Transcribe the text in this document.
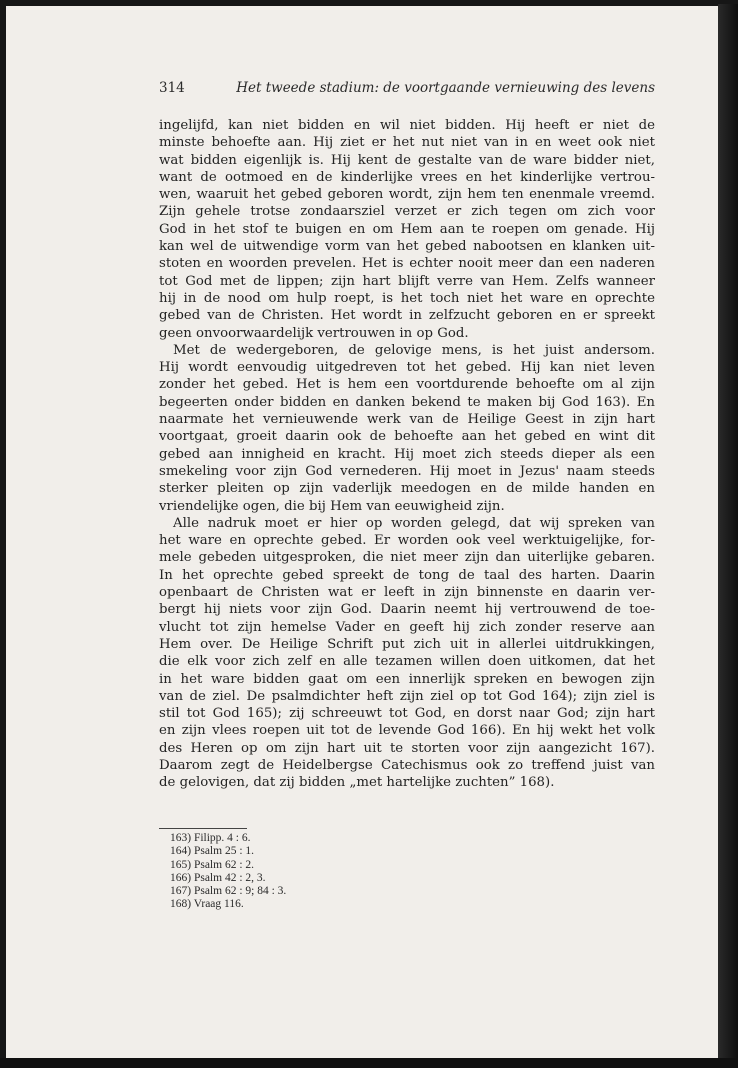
314	Het tweede stadium: de voortgaande vernieuwing des levens
ingelijfd, kan niet bidden en wil niet bidden. Hij heeft er niet de
minste behoefte aan. Hij ziet er het nut niet van in en weet ook niet
wat bidden eigenlijk is. Hij kent de gestalte van de ware bidder niet,
want de ootmoed en de kinderlijke vrees en het kinderlijke vertrou-
wen, waaruit het gebed geboren wordt, zijn hem ten enenmale vreemd.
Zijn gehele trotse zondaarsziel verzet er zich tegen om zich voor
God in het stof te buigen en om Hem aan te roepen om genade. Hij
kan wel de uitwendige vorm van het gebed nabootsen en klanken uit-
stoten en woorden prevelen. Het is echter nooit meer dan een naderen
tot God met de lippen; zijn hart blijft verre van Hem. Zelfs wanneer
hij in de nood om hulp roept, is het toch niet het ware en oprechte
gebed van de Christen. Het wordt in zelfzucht geboren en er spreekt
geen onvoorwaardelijk vertrouwen in op God.
Met de wedergeboren, de gelovige mens, is het juist andersom.
Hij wordt eenvoudig uitgedreven tot het gebed. Hij kan niet leven
zonder het gebed. Het is hem een voortdurende behoefte om al zijn
begeerten onder bidden en danken bekend te maken bij God 163). En
naarmate het vernieuwende werk van de Heilige Geest in zijn hart
voortgaat, groeit daarin ook de behoefte aan het gebed en wint dit
gebed aan innigheid en kracht. Hij moet zich steeds dieper als een
smekeling voor zijn God vernederen. Hij moet in Jezus' naam steeds
sterker pleiten op zijn vaderlijk meedogen en de milde handen en
vriendelijke ogen, die bij Hem van eeuwigheid zijn.
Alle nadruk moet er hier op worden gelegd, dat wij spreken van
het ware en oprechte gebed. Er worden ook veel werktuigelijke, for-
mele gebeden uitgesproken, die niet meer zijn dan uiterlijke gebaren.
In het oprechte gebed spreekt de tong de taal des harten. Daarin
openbaart de Christen wat er leeft in zijn binnenste en daarin ver-
bergt hij niets voor zijn God. Daarin neemt hij vertrouwend de toe-
vlucht tot zijn hemelse Vader en geeft hij zich zonder reserve aan
Hem over. De Heilige Schrift put zich uit in allerlei uitdrukkingen,
die elk voor zich zelf en alle tezamen willen doen uitkomen, dat het
in het ware bidden gaat om een innerlijk spreken en bewogen zijn
van de ziel. De psalmdichter heft zijn ziel op tot God 164); zijn ziel is
stil tot God 165); zij schreeuwt tot God, en dorst naar God; zijn hart
en zijn vlees roepen uit tot de levende God 166). En hij wekt het volk
des Heren op om zijn hart uit te storten voor zijn aangezicht 167).
Daarom zegt de Heidelbergse Catechismus ook zo treffend juist van
de gelovigen, dat zij bidden „met hartelijke zuchten” 168).
163) Filipp. 4 : 6.
164) Psalm 25 : 1.
165) Psalm 62 : 2.
166) Psalm 42 : 2, 3.
167) Psalm 62 : 9; 84 : 3.
168) Vraag 116.
